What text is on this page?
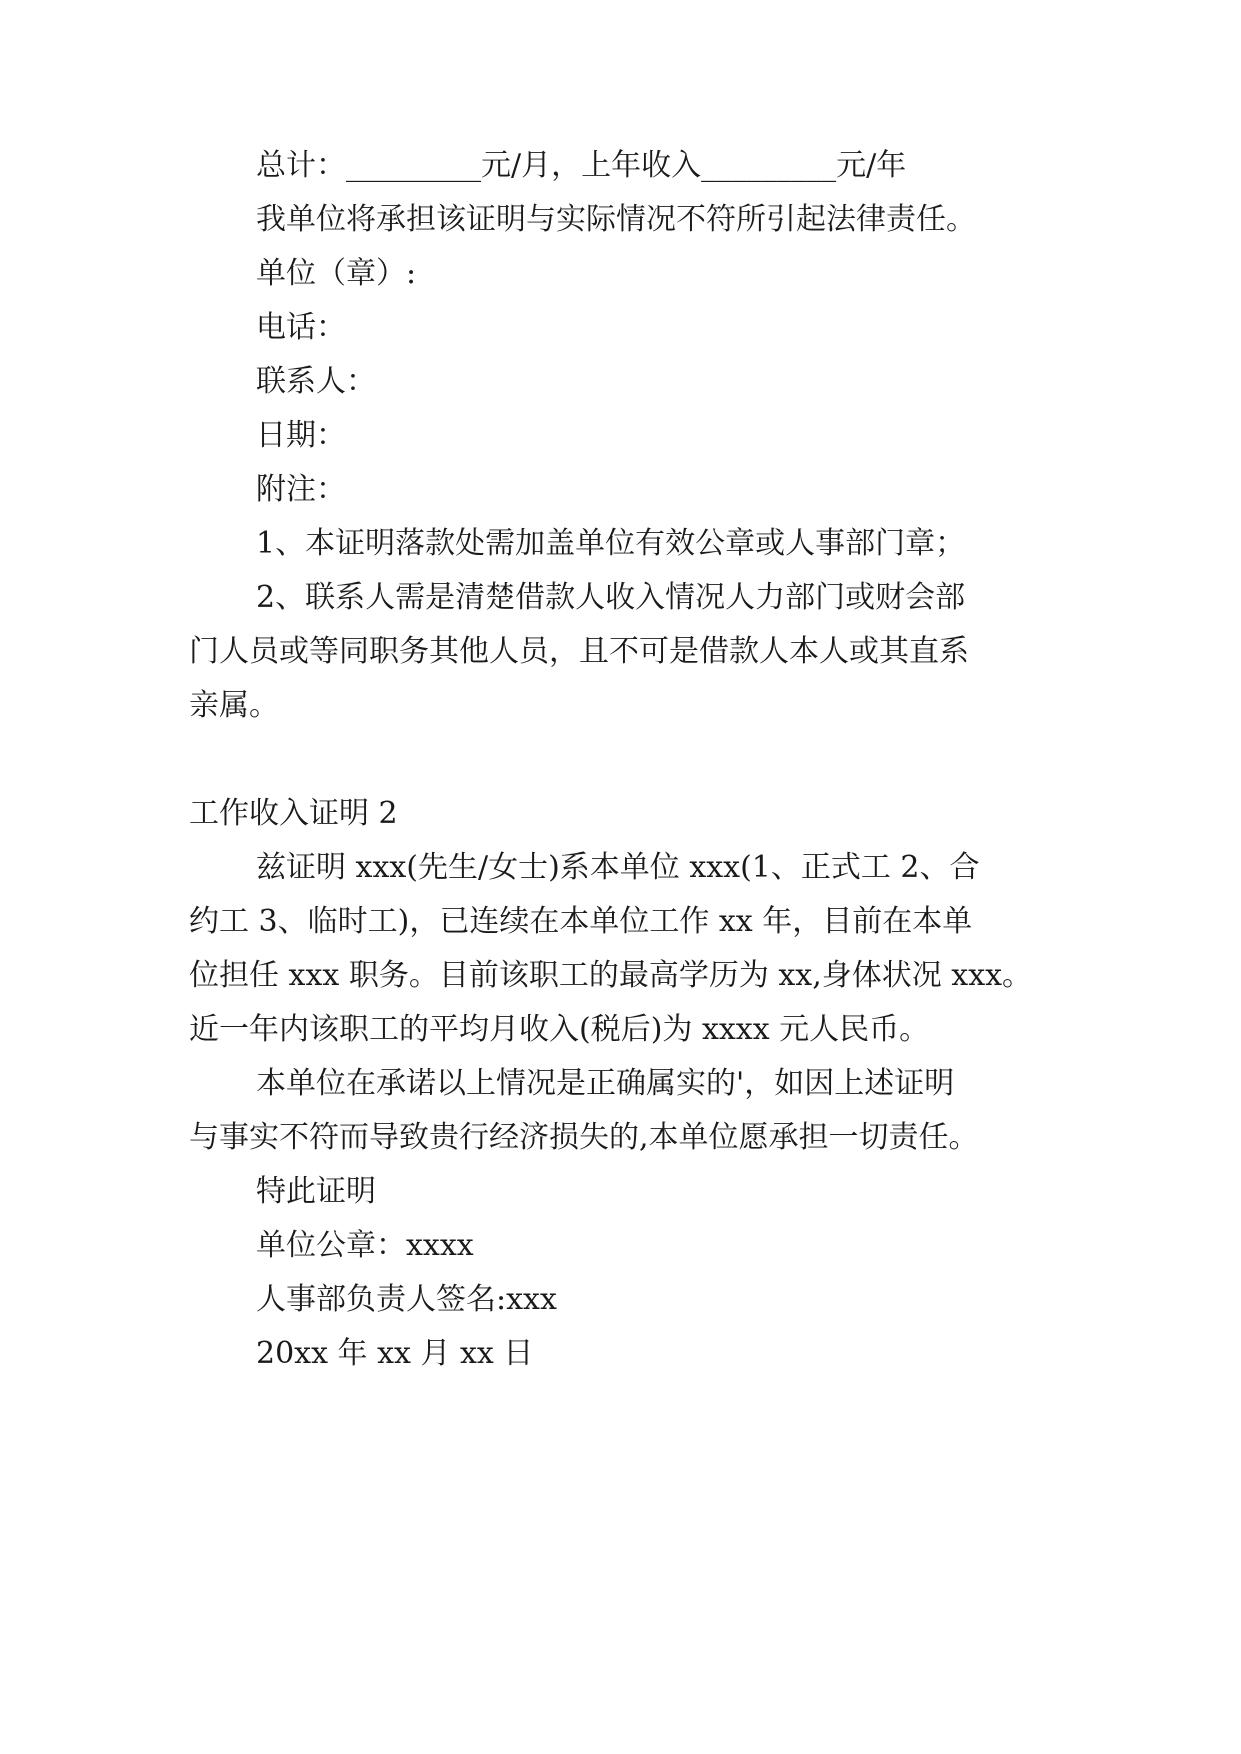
总计：_________元/月，上年收入_________元/年
我单位将承担该证明与实际情况不符所引起法律责任。
单位（章）:
电话：
联系人：
日期：
附注：
1、本证明落款处需加盖单位有效公章或人事部门章；
2、联系人需是清楚借款人收入情况人力部门或财会部
门人员或等同职务其他人员，且不可是借款人本人或其直系
亲属。
工作收入证明 2
兹证明 xxx(先生/女士)系本单位 xxx(1、正式工 2、合
约工 3、临时工)，已连续在本单位工作 xx 年，目前在本单
位担任 xxx 职务。目前该职工的最高学历为 xx,身体状况 xxx。
近一年内该职工的平均月收入(税后)为 xxxx 元人民币。
本单位在承诺以上情况是正确属实的'，如因上述证明
与事实不符而导致贵行经济损失的,本单位愿承担一切责任。
特此证明
单位公章：xxxx
人事部负责人签名:xxx
20xx 年 xx 月 xx 日
